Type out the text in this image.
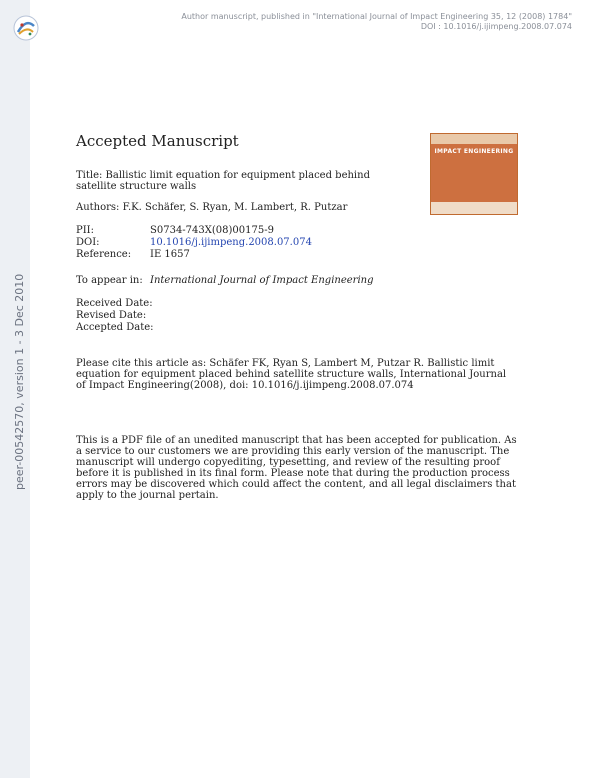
peer-00542570, version 1 - 3 Dec 2010
Author manuscript, published in "International Journal of Impact Engineering 35, 12 (2008) 1784"
DOI : 10.1016/j.ijimpeng.2008.07.074
Accepted Manuscript
IMPACT ENGINEERING
Title: Ballistic limit equation for equipment placed behind satellite structure walls
Authors: F.K. Schäfer, S. Ryan, M. Lambert, R. Putzar
PII:	S0734-743X(08)00175-9
DOI:	10.1016/j.ijimpeng.2008.07.074
Reference:	IE 1657
To appear in: International Journal of Impact Engineering
Received Date:
Revised Date:
Accepted Date:
Please cite this article as: Schäfer FK, Ryan S, Lambert M, Putzar R. Ballistic limit equation for equipment placed behind satellite structure walls, International Journal of Impact Engineering(2008), doi: 10.1016/j.ijimpeng.2008.07.074
This is a PDF file of an unedited manuscript that has been accepted for publication. As a service to our customers we are providing this early version of the manuscript. The manuscript will undergo copyediting, typesetting, and review of the resulting proof before it is published in its final form. Please note that during the production process errors may be discovered which could affect the content, and all legal disclaimers that apply to the journal pertain.
